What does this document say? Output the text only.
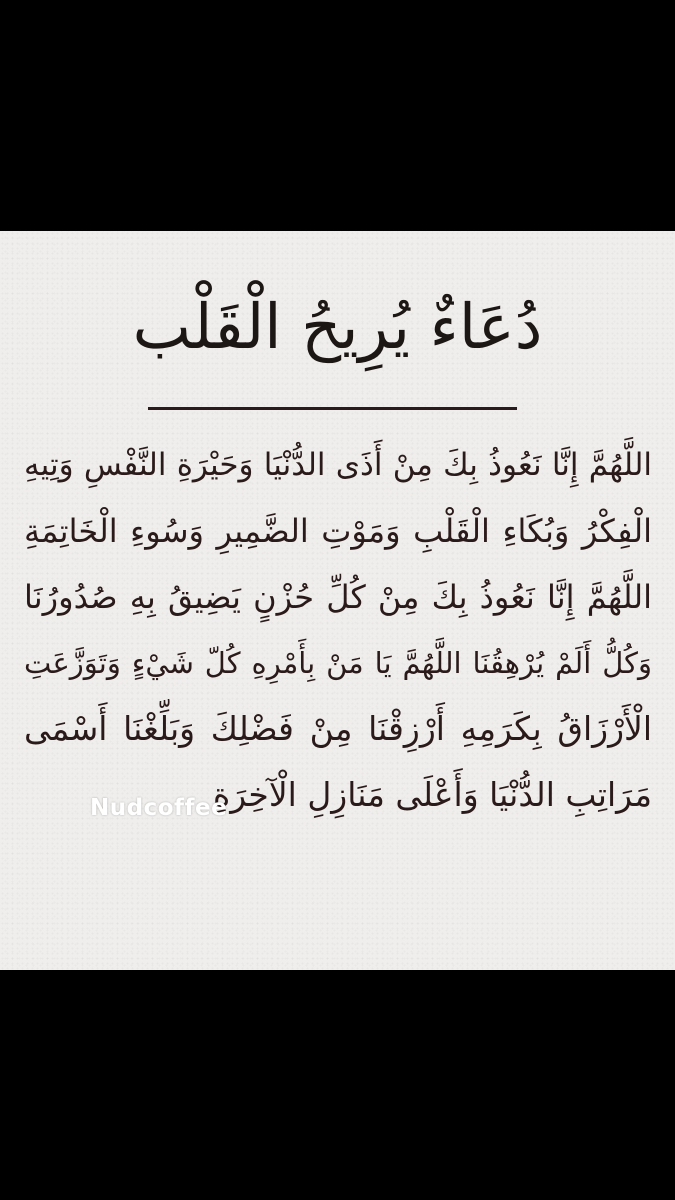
دُعَاءٌ يُرِيحُ الْقَلْب
اللَّهُمَّ إِنَّا نَعُوذُ بِكَ مِنْ أَذَى الدُّنْيَا وَحَيْرَةِ النَّفْسِ وَتِيهِ
الْفِكْرُ وَبُكَاءِ الْقَلْبِ وَمَوْتِ الضَّمِيرِ وَسُوءِ الْخَاتِمَةِ
اللَّهُمَّ إِنَّا نَعُوذُ بِكَ مِنْ كُلِّ حُزْنٍ يَضِيقُ بِهِ صُدُورُنَا
وَكُلُّ أَلَمْ يُرْهِقُنَا اللَّهُمَّ يَا مَنْ بِأَمْرِهِ كُلّ شَيْءٍ وَتَوَزَّعَتِ
الْأَرْزَاقُ بِكَرَمِهِ أَرْزِقْنَا مِنْ فَضْلِكَ وَبَلِّغْنَا أَسْمَى
مَرَاتِبِ الدُّنْيَا وَأَعْلَى مَنَازِلِ الْآخِرَةِ
Nudcoffee
